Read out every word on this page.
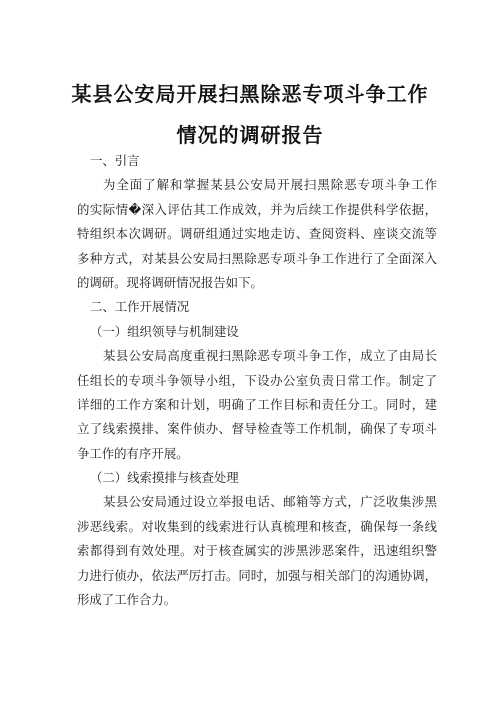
某县公安局开展扫黑除恶专项斗争工作
情况的调研报告
一、引言
为全面了解和掌握某县公安局开展扫黑除恶专项斗争工作
的实际情�深入评估其工作成效，并为后续工作提供科学依据，
特组织本次调研。调研组通过实地走访、查阅资料、座谈交流等
多种方式，对某县公安局扫黑除恶专项斗争工作进行了全面深入
的调研。现将调研情况报告如下。
二、工作开展情况
（一）组织领导与机制建设
某县公安局高度重视扫黑除恶专项斗争工作，成立了由局长
任组长的专项斗争领导小组，下设办公室负责日常工作。制定了
详细的工作方案和计划，明确了工作目标和责任分工。同时，建
立了线索摸排、案件侦办、督导检查等工作机制，确保了专项斗
争工作的有序开展。
（二）线索摸排与核查处理
某县公安局通过设立举报电话、邮箱等方式，广泛收集涉黑
涉恶线索。对收集到的线索进行认真梳理和核查，确保每一条线
索都得到有效处理。对于核查属实的涉黑涉恶案件，迅速组织警
力进行侦办，依法严厉打击。同时，加强与相关部门的沟通协调，
形成了工作合力。
